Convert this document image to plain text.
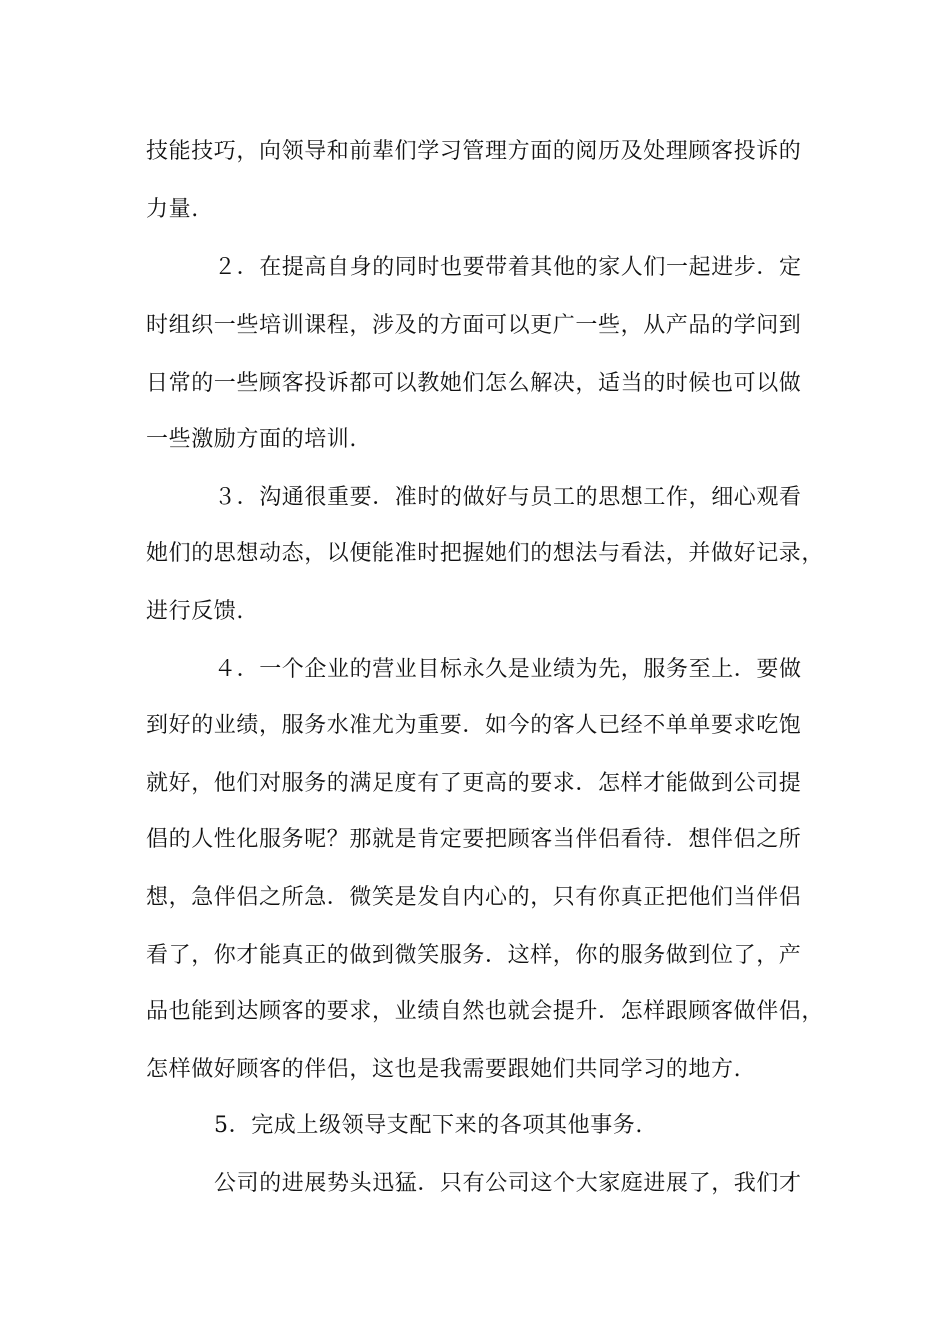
技能技巧，向领导和前辈们学习管理方面的阅历及处理顾客投诉的
力量.
２．在提高自身的同时也要带着其他的家人们一起进步．定
时组织一些培训课程，涉及的方面可以更广一些，从产品的学问到
日常的一些顾客投诉都可以教她们怎么解决，适当的时候也可以做
一些激励方面的培训.
３．沟通很重要．准时的做好与员工的思想工作，细心观看
她们的思想动态，以便能准时把握她们的想法与看法，并做好记录，
进行反馈.
４．一个企业的营业目标永久是业绩为先，服务至上．要做
到好的业绩，服务水准尤为重要．如今的客人已经不单单要求吃饱
就好，他们对服务的满足度有了更高的要求．怎样才能做到公司提
倡的人性化服务呢？那就是肯定要把顾客当伴侣看待．想伴侣之所
想，急伴侣之所急．微笑是发自内心的，只有你真正把他们当伴侣
看了，你才能真正的做到微笑服务．这样，你的服务做到位了，产
品也能到达顾客的要求，业绩自然也就会提升．怎样跟顾客做伴侣，
怎样做好顾客的伴侣，这也是我需要跟她们共同学习的地方.
5．完成上级领导支配下来的各项其他事务.
公司的进展势头迅猛．只有公司这个大家庭进展了，我们才
